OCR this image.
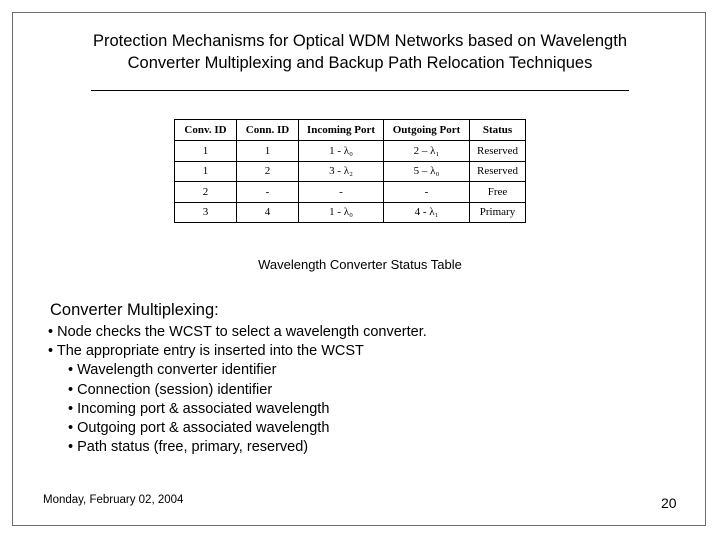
Protection Mechanisms for Optical WDM Networks based on Wavelength
Converter Multiplexing and Backup Path Relocation Techniques
Conv. ID	Conn. ID	Incoming Port	Outgoing Port	Status
1	1	1 - λ₀	2 – λ₁	Reserved
1	2	3 - λ₂	5 – λ₀	Reserved
2	-	-	-	Free
3	4	1 - λ₀	4 - λ₁	Primary
Wavelength Converter Status Table
Converter Multiplexing:
• Node checks the WCST to select a wavelength converter.
• The appropriate entry is inserted into the WCST
• Wavelength converter identifier
• Connection (session) identifier
• Incoming port & associated wavelength
• Outgoing port & associated wavelength
• Path status (free, primary, reserved)
Monday, February 02, 2004	20
